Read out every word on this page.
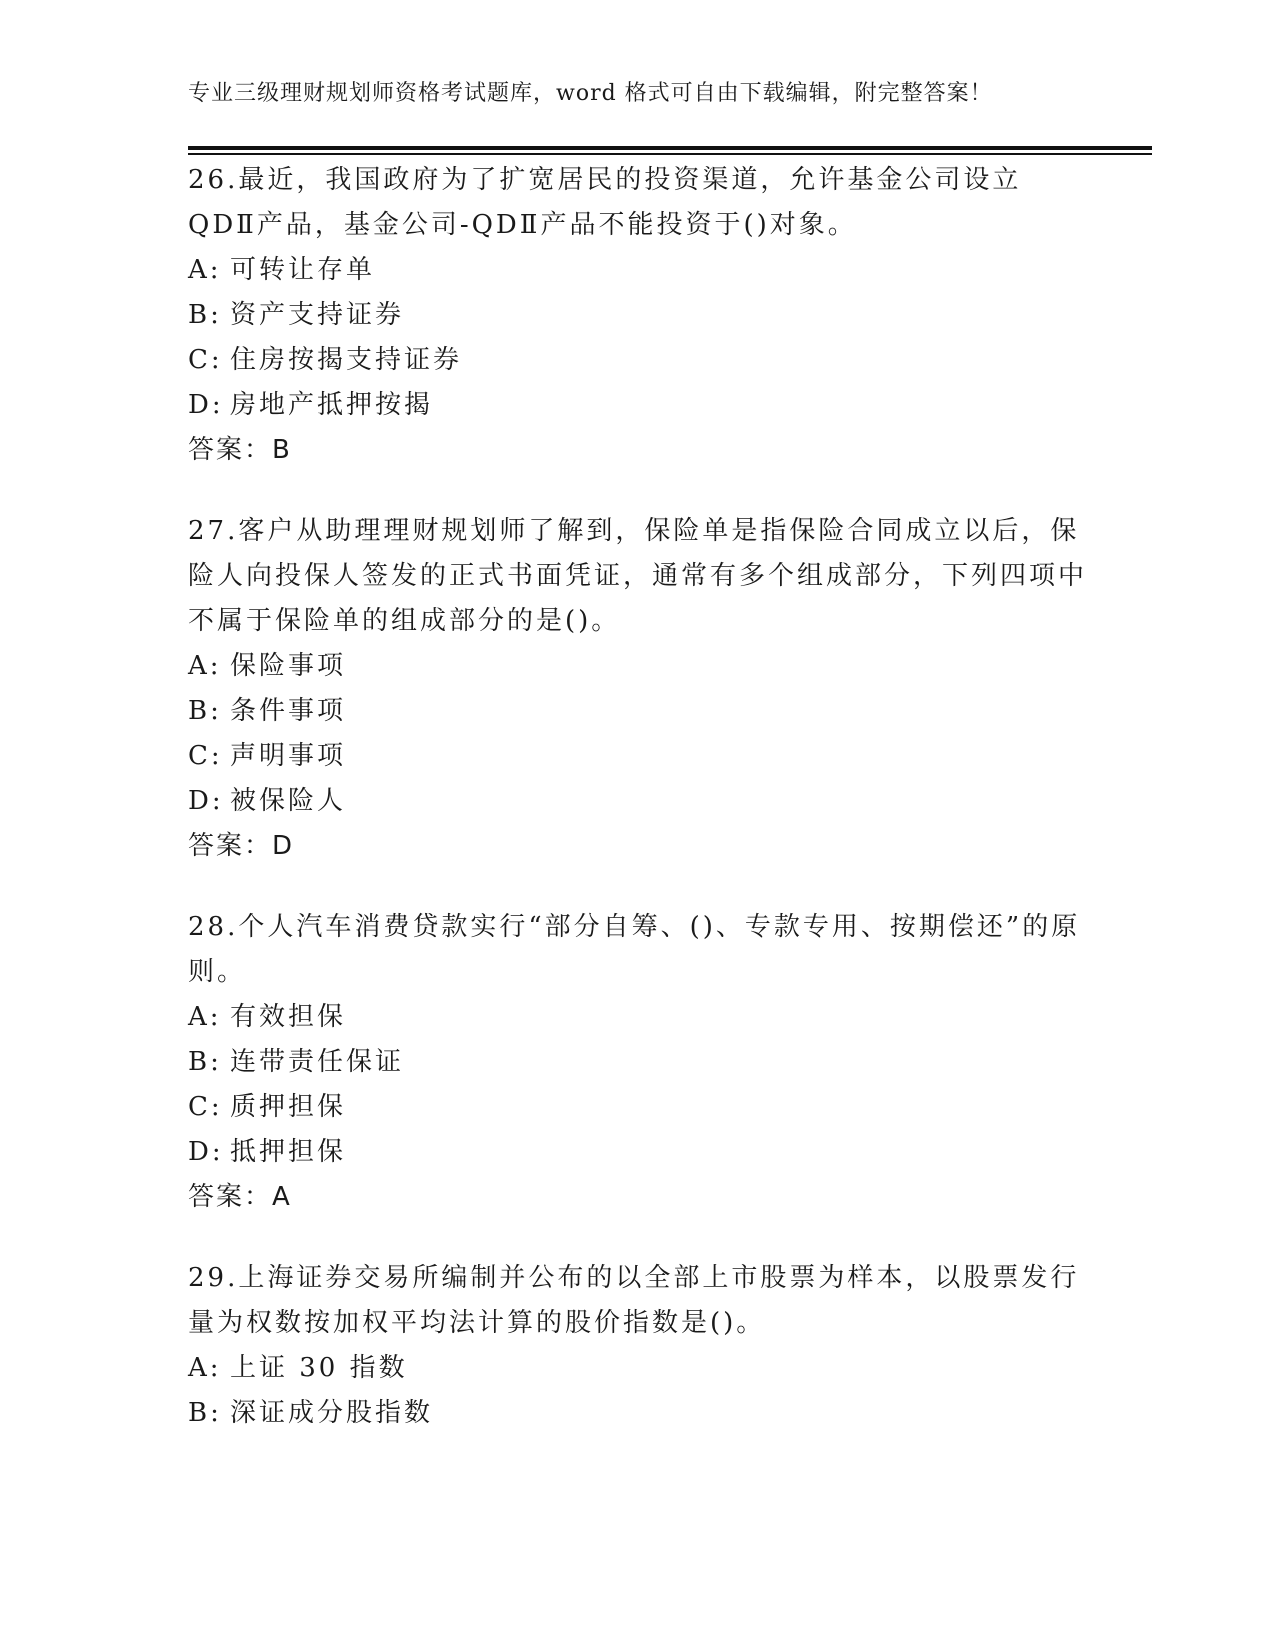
专业三级理财规划师资格考试题库，word 格式可自由下载编辑，附完整答案！

26.最近，我国政府为了扩宽居民的投资渠道，允许基金公司设立QDⅡ产品，基金公司-QDⅡ产品不能投资于()对象。

A: 可转让存单

B: 资产支持证券

C: 住房按揭支持证券

D: 房地产抵押按揭

答案：B

27.客户从助理理财规划师了解到，保险单是指保险合同成立以后，保险人向投保人签发的正式书面凭证，通常有多个组成部分，下列四项中不属于保险单的组成部分的是()。

A: 保险事项

B: 条件事项

C: 声明事项

D: 被保险人

答案：D

28.个人汽车消费贷款实行“部分自筹、()、专款专用、按期偿还”的原则。

A: 有效担保

B: 连带责任保证

C: 质押担保

D: 抵押担保

答案：A

29.上海证券交易所编制并公布的以全部上市股票为样本，以股票发行量为权数按加权平均法计算的股价指数是()。

A: 上证 30 指数

B: 深证成分股指数
